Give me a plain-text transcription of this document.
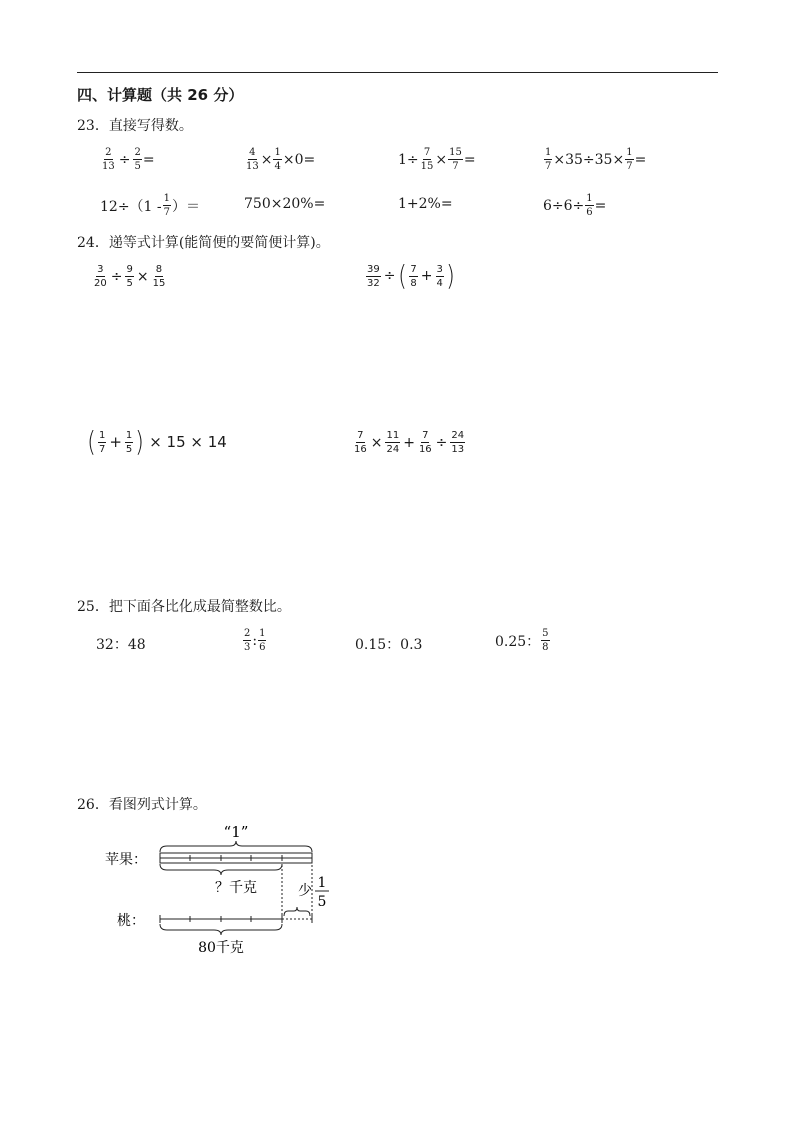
四、计算题（共 26 分）
23．直接写得数。
$\frac{2}{13} \div \frac{2}{5}$ =	$\frac{4}{13} \times \frac{1}{4} \times 0=$	$1\div \frac{7}{15} \times \frac{15}{7}$ =	$\frac{1}{7} \times 35\div 35\times \frac{1}{7}$ =
$12\div(1 - \frac{1}{7}$ ）＝	750×20%=	1+2%=	$6\div 6\div \frac{1}{6}$ =
24．递等式计算(能简便的要简便计算)。
$\frac{3}{20} \div \frac{9}{5} \times \frac{8}{15}$	$\frac{39}{32}$ ÷ ( $\frac{7}{8} + \frac{3}{4}$ )
( $\frac{1}{7} + \frac{1}{5}$ ) × 15 × 14	$\frac{7}{16} \times \frac{11}{24} + \frac{7}{16} \div \frac{24}{13}$
25．把下面各比化成最简整数比。
32：48	$\frac{2}{3}$ : $\frac{1}{6}$	0.15：0.3	0.25： $\frac{5}{8}$
26．看图列式计算。
“1”
苹果：
？千克	少 1
5
桃：
80千克
